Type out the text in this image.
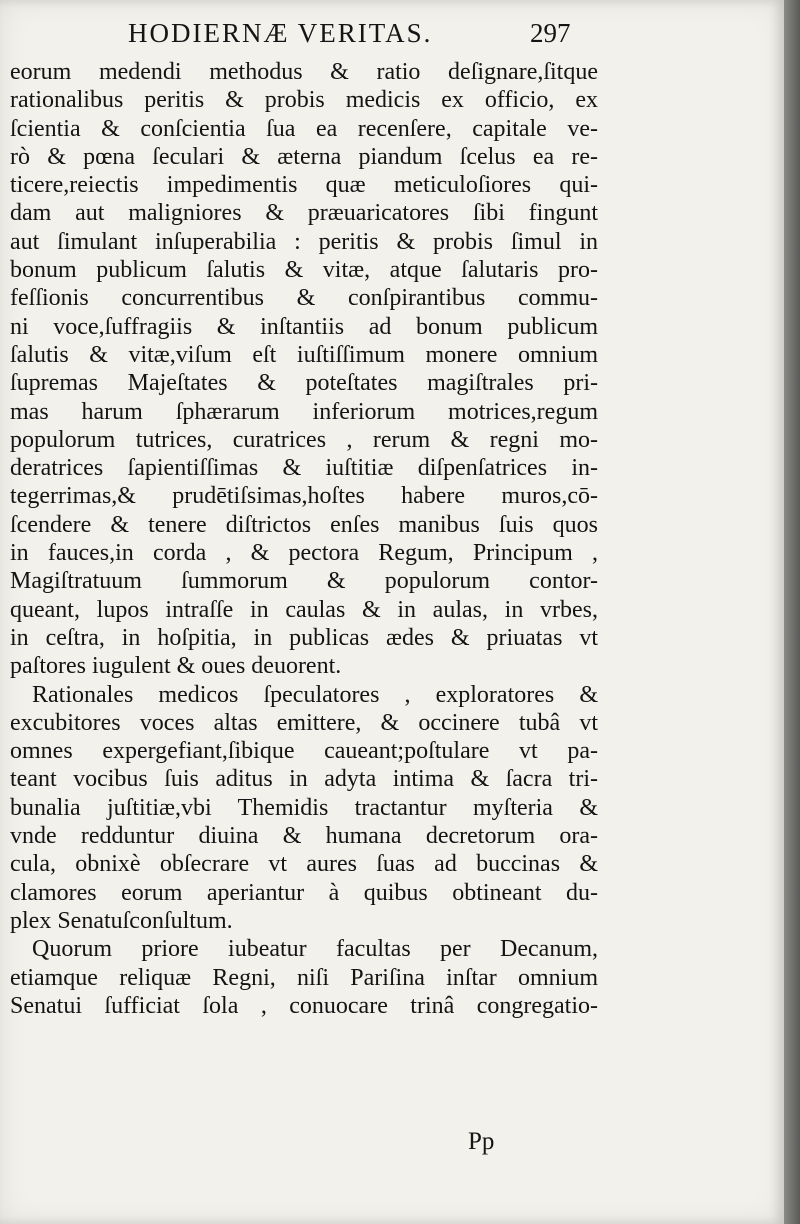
HODIERNÆ VERITAS.	297
eorum medendi methodus & ratio deſignare,ſitque
rationalibus peritis & probis medicis ex officio, ex
ſcientia & conſcientia ſua ea recenſere, capitale ve-
rò & pœna ſeculari & æterna piandum ſcelus ea re-
ticere,reiectis impedimentis quæ meticuloſiores qui-
dam aut maligniores & præuaricatores ſibi fingunt
aut ſimulant inſuperabilia : peritis & probis ſimul in
bonum publicum ſalutis & vitæ, atque ſalutaris pro-
feſſionis concurrentibus & conſpirantibus commu-
ni voce,ſuffragiis & inſtantiis ad bonum publicum
ſalutis & vitæ,viſum eſt iuſtiſſimum monere omnium
ſupremas Majeſtates & poteſtates magiſtrales pri-
mas harum ſphærarum inferiorum motrices,regum
populorum tutrices, curatrices , rerum & regni mo-
deratrices ſapientiſſimas & iuſtitiæ diſpenſatrices in-
tegerrimas,& prudētiſsimas,hoſtes habere muros,cō-
ſcendere & tenere diſtrictos enſes manibus ſuis quos
in fauces,in corda , & pectora Regum, Principum ,
Magiſtratuum ſummorum & populorum contor-
queant, lupos intraſſe in caulas & in aulas, in vrbes,
in ceſtra, in hoſpitia, in publicas ædes & priuatas vt
paſtores iugulent & oues deuorent.
Rationales medicos ſpeculatores , exploratores &
excubitores voces altas emittere, & occinere tubâ vt
omnes expergefiant,ſibique caueant;poſtulare vt pa-
teant vocibus ſuis aditus in adyta intima & ſacra tri-
bunalia juſtitiæ,vbi Themidis tractantur myſteria &
vnde redduntur diuina & humana decretorum ora-
cula, obnixè obſecrare vt aures ſuas ad buccinas &
clamores eorum aperiantur à quibus obtineant du-
plex Senatuſconſultum.
Quorum priore iubeatur facultas per Decanum,
etiamque reliquæ Regni, niſi Pariſina inſtar omnium
Senatui ſufficiat ſola , conuocare trinâ congregatio-
Pp
